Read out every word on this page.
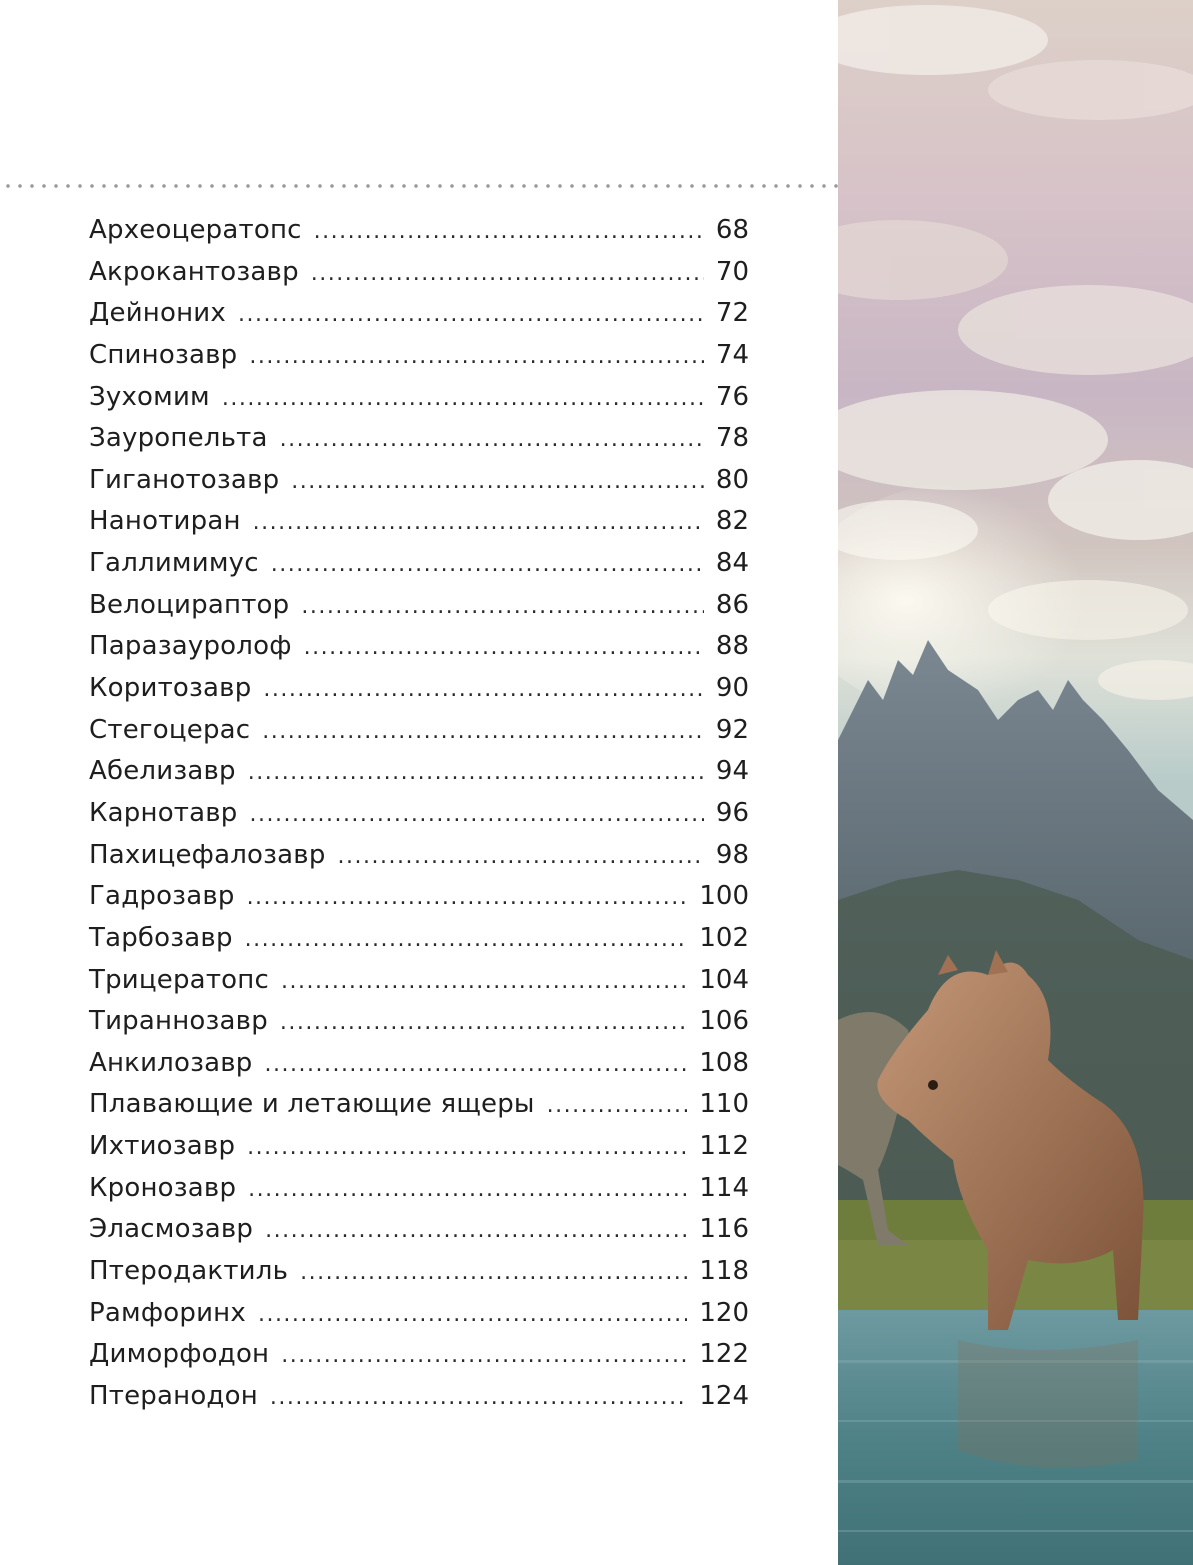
Археоцератопс .....	68
Акрокантозавр .....	70
Дейноних .....	72
Спинозавр .....	74
Зухомим .....	76
Зауропельта .....	78
Гиганотозавр .....	80
Нанотиран .....	82
Галлимимус .....	84
Велоцираптор .....	86
Паразауролоф .....	88
Коритозавр .....	90
Стегоцерас .....	92
Абелизавр .....	94
Карнотавр .....	96
Пахицефалозавр .....	98
Гадрозавр .....	100
Тарбозавр .....	102
Трицератопс .....	104
Тираннозавр .....	106
Анкилозавр .....	108
Плавающие и летающие ящеры .....	110
Ихтиозавр .....	112
Кронозавр .....	114
Эласмозавр .....	116
Птеродактиль .....	118
Рамфоринх .....	120
Диморфодон .....	122
Птеранодон .....	124
